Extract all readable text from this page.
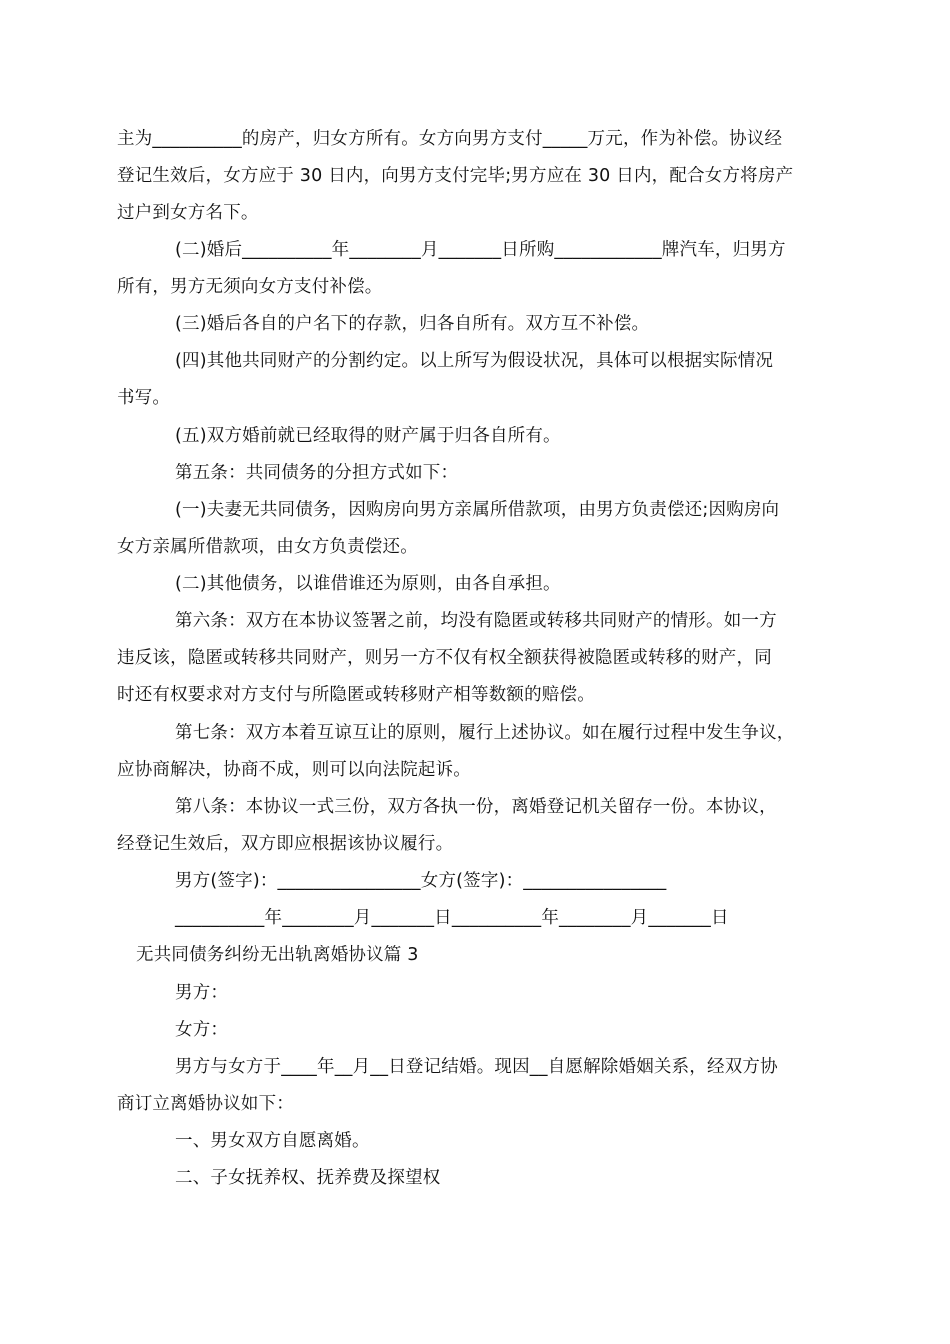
主为__________的房产，归女方所有。女方向男方支付_____万元，作为补偿。协议经
登记生效后，女方应于 30 日内，向男方支付完毕;男方应在 30 日内，配合女方将房产
过户到女方名下。
(二)婚后__________年________月_______日所购____________牌汽车，归男方
所有，男方无须向女方支付补偿。
(三)婚后各自的户名下的存款，归各自所有。双方互不补偿。
(四)其他共同财产的分割约定。以上所写为假设状况，具体可以根据实际情况
书写。
(五)双方婚前就已经取得的财产属于归各自所有。
第五条：共同债务的分担方式如下：
(一)夫妻无共同债务，因购房向男方亲属所借款项，由男方负责偿还;因购房向
女方亲属所借款项，由女方负责偿还。
(二)其他债务，以谁借谁还为原则，由各自承担。
第六条：双方在本协议签署之前，均没有隐匿或转移共同财产的情形。如一方
违反该，隐匿或转移共同财产，则另一方不仅有权全额获得被隐匿或转移的财产，同
时还有权要求对方支付与所隐匿或转移财产相等数额的赔偿。
第七条：双方本着互谅互让的原则，履行上述协议。如在履行过程中发生争议，
应协商解决，协商不成，则可以向法院起诉。
第八条：本协议一式三份，双方各执一份，离婚登记机关留存一份。本协议，
经登记生效后，双方即应根据该协议履行。
男方(签字)：________________女方(签字)：________________
__________年________月_______日__________年________月_______日
无共同债务纠纷无出轨离婚协议篇 3
男方：
女方：
男方与女方于____年__月__日登记结婚。现因__自愿解除婚姻关系，经双方协
商订立离婚协议如下：
一、男女双方自愿离婚。
二、子女抚养权、抚养费及探望权
